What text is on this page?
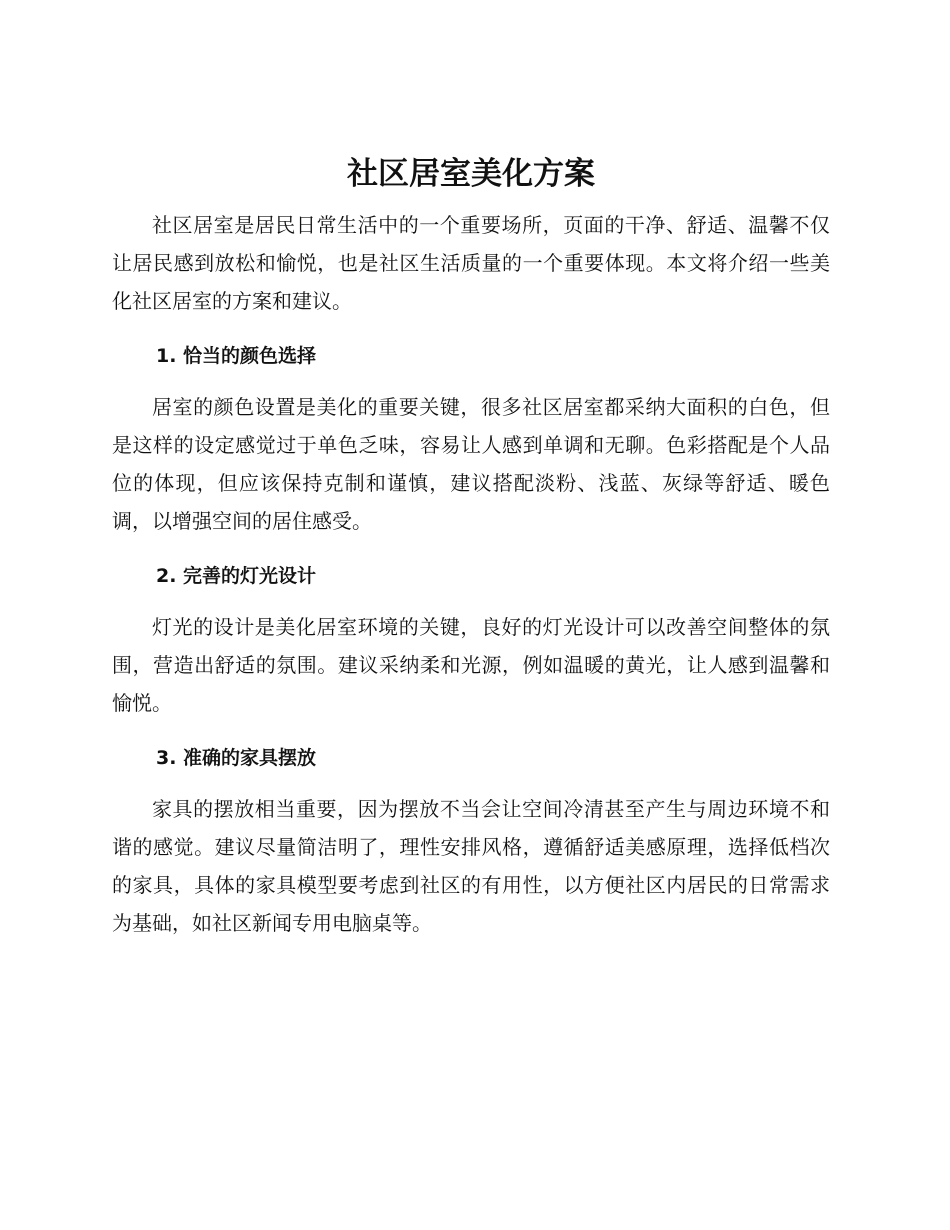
社区居室美化方案

社区居室是居民日常生活中的一个重要场所，页面的干净、舒适、温馨不仅让居民感到放松和愉悦，也是社区生活质量的一个重要体现。本文将介绍一些美化社区居室的方案和建议。

1. 恰当的颜色选择

居室的颜色设置是美化的重要关键，很多社区居室都采纳大面积的白色，但是这样的设定感觉过于单色乏味，容易让人感到单调和无聊。色彩搭配是个人品位的体现，但应该保持克制和谨慎，建议搭配淡粉、浅蓝、灰绿等舒适、暖色调，以增强空间的居住感受。

2. 完善的灯光设计

灯光的设计是美化居室环境的关键，良好的灯光设计可以改善空间整体的氛围，营造出舒适的氛围。建议采纳柔和光源，例如温暖的黄光，让人感到温馨和愉悦。

3. 准确的家具摆放

家具的摆放相当重要，因为摆放不当会让空间冷清甚至产生与周边环境不和谐的感觉。建议尽量简洁明了，理性安排风格，遵循舒适美感原理，选择低档次的家具，具体的家具模型要考虑到社区的有用性，以方便社区内居民的日常需求为基础，如社区新闻专用电脑桌等。
